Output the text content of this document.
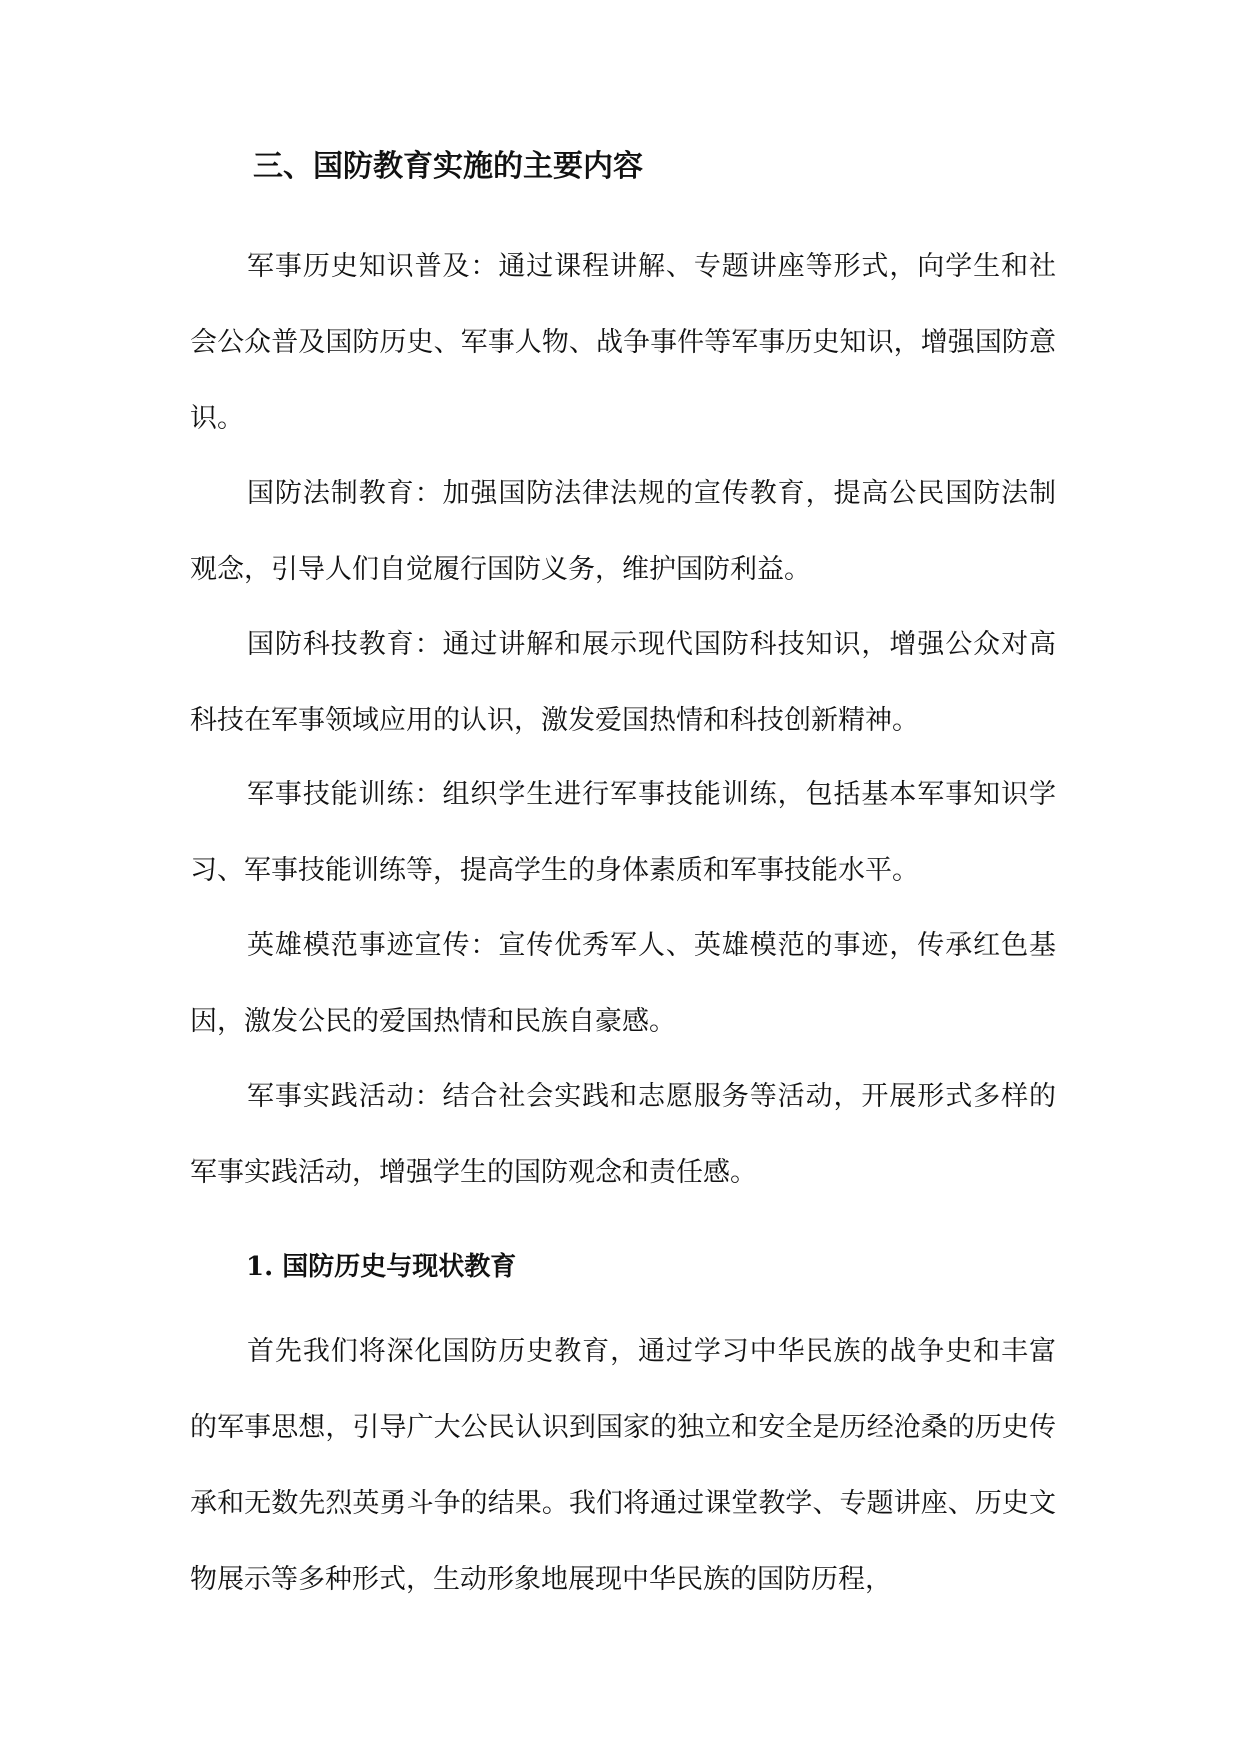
三、国防教育实施的主要内容

军事历史知识普及：通过课程讲解、专题讲座等形式，向学生和社会公众普及国防历史、军事人物、战争事件等军事历史知识，增强国防意识。

国防法制教育：加强国防法律法规的宣传教育，提高公民国防法制观念，引导人们自觉履行国防义务，维护国防利益。

国防科技教育：通过讲解和展示现代国防科技知识，增强公众对高科技在军事领域应用的认识，激发爱国热情和科技创新精神。

军事技能训练：组织学生进行军事技能训练，包括基本军事知识学习、军事技能训练等，提高学生的身体素质和军事技能水平。

英雄模范事迹宣传：宣传优秀军人、英雄模范的事迹，传承红色基因，激发公民的爱国热情和民族自豪感。

军事实践活动：结合社会实践和志愿服务等活动，开展形式多样的军事实践活动，增强学生的国防观念和责任感。

1. 国防历史与现状教育

首先我们将深化国防历史教育，通过学习中华民族的战争史和丰富的军事思想，引导广大公民认识到国家的独立和安全是历经沧桑的历史传承和无数先烈英勇斗争的结果。我们将通过课堂教学、专题讲座、历史文物展示等多种形式，生动形象地展现中华民族的国防历程，
